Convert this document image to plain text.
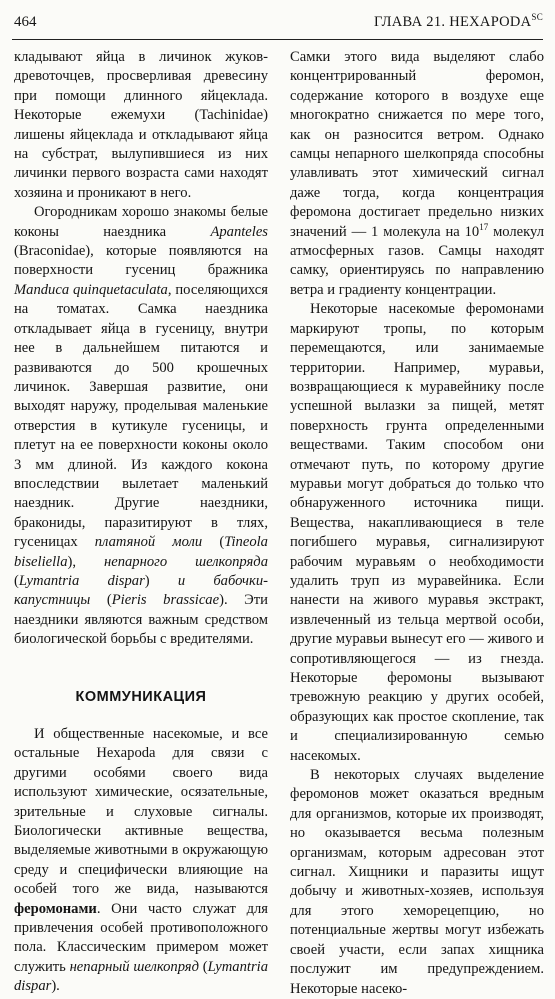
464	ГЛАВА 21. $HEXAPODA^{SC}$

кладывают яйца в личинок жуков-древоточцев, просверливая древесину при помощи длинного яйцеклада. Некоторые ежемухи (Tachinidae) лишены яйцеклада и откладывают яйца на субстрат, вылупившиеся из них личинки первого возраста сами находят хозяина и проникают в него.

Огородникам хорошо знакомы белые коконы наездника Apanteles (Braconidae), которые появляются на поверхности гусениц бражника Manduca quinquetaculata, поселяющихся на томатах. Самка наездника откладывает яйца в гусеницу, внутри нее в дальнейшем питаются и развиваются до 500 крошечных личинок. Завершая развитие, они выходят наружу, проделывая маленькие отверстия в кутикуле гусеницы, и плетут на ее поверхности коконы около 3 мм длиной. Из каждого кокона впоследствии вылетает маленький наездник. Другие наездники, бракониды, паразитируют в тлях, гусеницах платяной моли (Tineola biseliella), непарного шелкопряда (Lymantria dispar) и бабочки-капустницы (Pieris brassicae). Эти наездники являются важным средством биологической борьбы с вредителями.

КОММУНИКАЦИЯ

И общественные насекомые, и все остальные Hexapoda для связи с другими особями своего вида используют химические, осязательные, зрительные и слуховые сигналы. Биологически активные вещества, выделяемые животными в окружающую среду и специфически влияющие на особей того же вида, называются феромонами. Они часто служат для привлечения особей противоположного пола. Классическим примером может служить непарный шелкопряд (Lymantria dispar).

Самки этого вида выделяют слабо концентрированный феромон, содержание которого в воздухе еще многократно снижается по мере того, как он разносится ветром. Однако самцы непарного шелкопряда способны улавливать этот химический сигнал даже тогда, когда концентрация феромона достигает предельно низких значений — 1 молекула на $10^{17}$ молекул атмосферных газов. Самцы находят самку, ориентируясь по направлению ветра и градиенту концентрации.

Некоторые насекомые феромонами маркируют тропы, по которым перемещаются, или занимаемые территории. Например, муравьи, возвращающиеся к муравейнику после успешной вылазки за пищей, метят поверхность грунта определенными веществами. Таким способом они отмечают путь, по которому другие муравьи могут добраться до только что обнаруженного источника пищи. Вещества, накапливающиеся в теле погибшего муравья, сигнализируют рабочим муравьям о необходимости удалить труп из муравейника. Если нанести на живого муравья экстракт, извлеченный из тельца мертвой особи, другие муравьи вынесут его — живого и сопротивляющегося — из гнезда. Некоторые феромоны вызывают тревожную реакцию у других особей, образующих как простое скопление, так и специализированную семью насекомых.

В некоторых случаях выделение феромонов может оказаться вредным для организмов, которые их производят, но оказывается весьма полезным организмам, которым адресован этот сигнал. Хищники и паразиты ищут добычу и животных-хозяев, используя для этого хеморецепцию, но потенциальные жертвы могут избежать своей участи, если запах хищника послужит им предупреждением. Некоторые насеко-
